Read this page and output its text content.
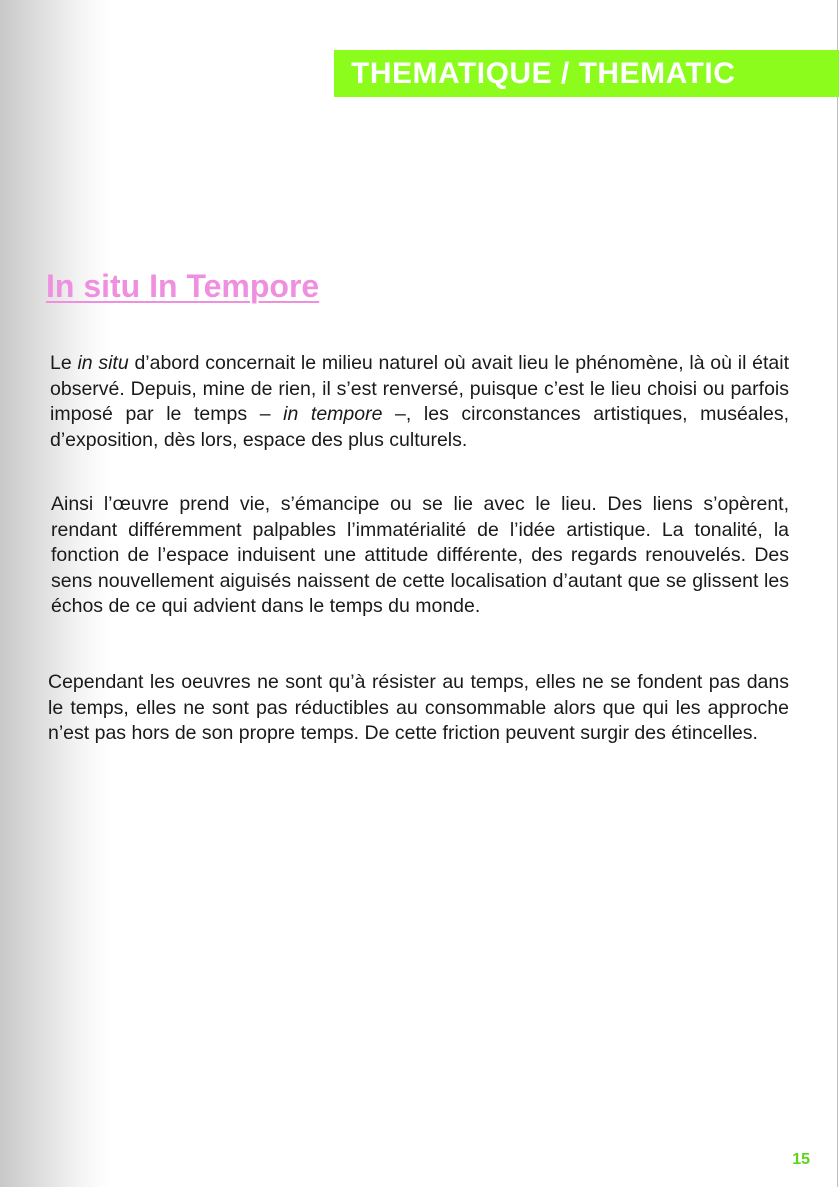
THEMATIQUE / THEMATIC
In situ In Tempore

Le in situ d’abord concernait le milieu naturel où avait lieu le phénomène, là où il était observé. Depuis, mine de rien, il s’est renversé, puisque c’est le lieu choisi ou parfois imposé par le temps – in tempore –, les circonstances artistiques, muséales, d’exposition, dès lors, espace des plus culturels.

Ainsi l’œuvre prend vie, s’émancipe ou se lie avec le lieu. Des liens s’opèrent, rendant différemment palpables l’immatérialité de l’idée artistique. La tonalité, la fonction de l’espace induisent une attitude différente, des regards renouvelés. Des sens nouvellement aiguisés naissent de cette localisation d’autant que se glissent les échos de ce qui advient dans le temps du monde.

Cependant les oeuvres ne sont qu’à résister au temps, elles ne se fondent pas dans le temps, elles ne sont pas réductibles au consommable alors que qui les approche n’est pas hors de son propre temps. De cette friction peuvent surgir des étincelles.

15
